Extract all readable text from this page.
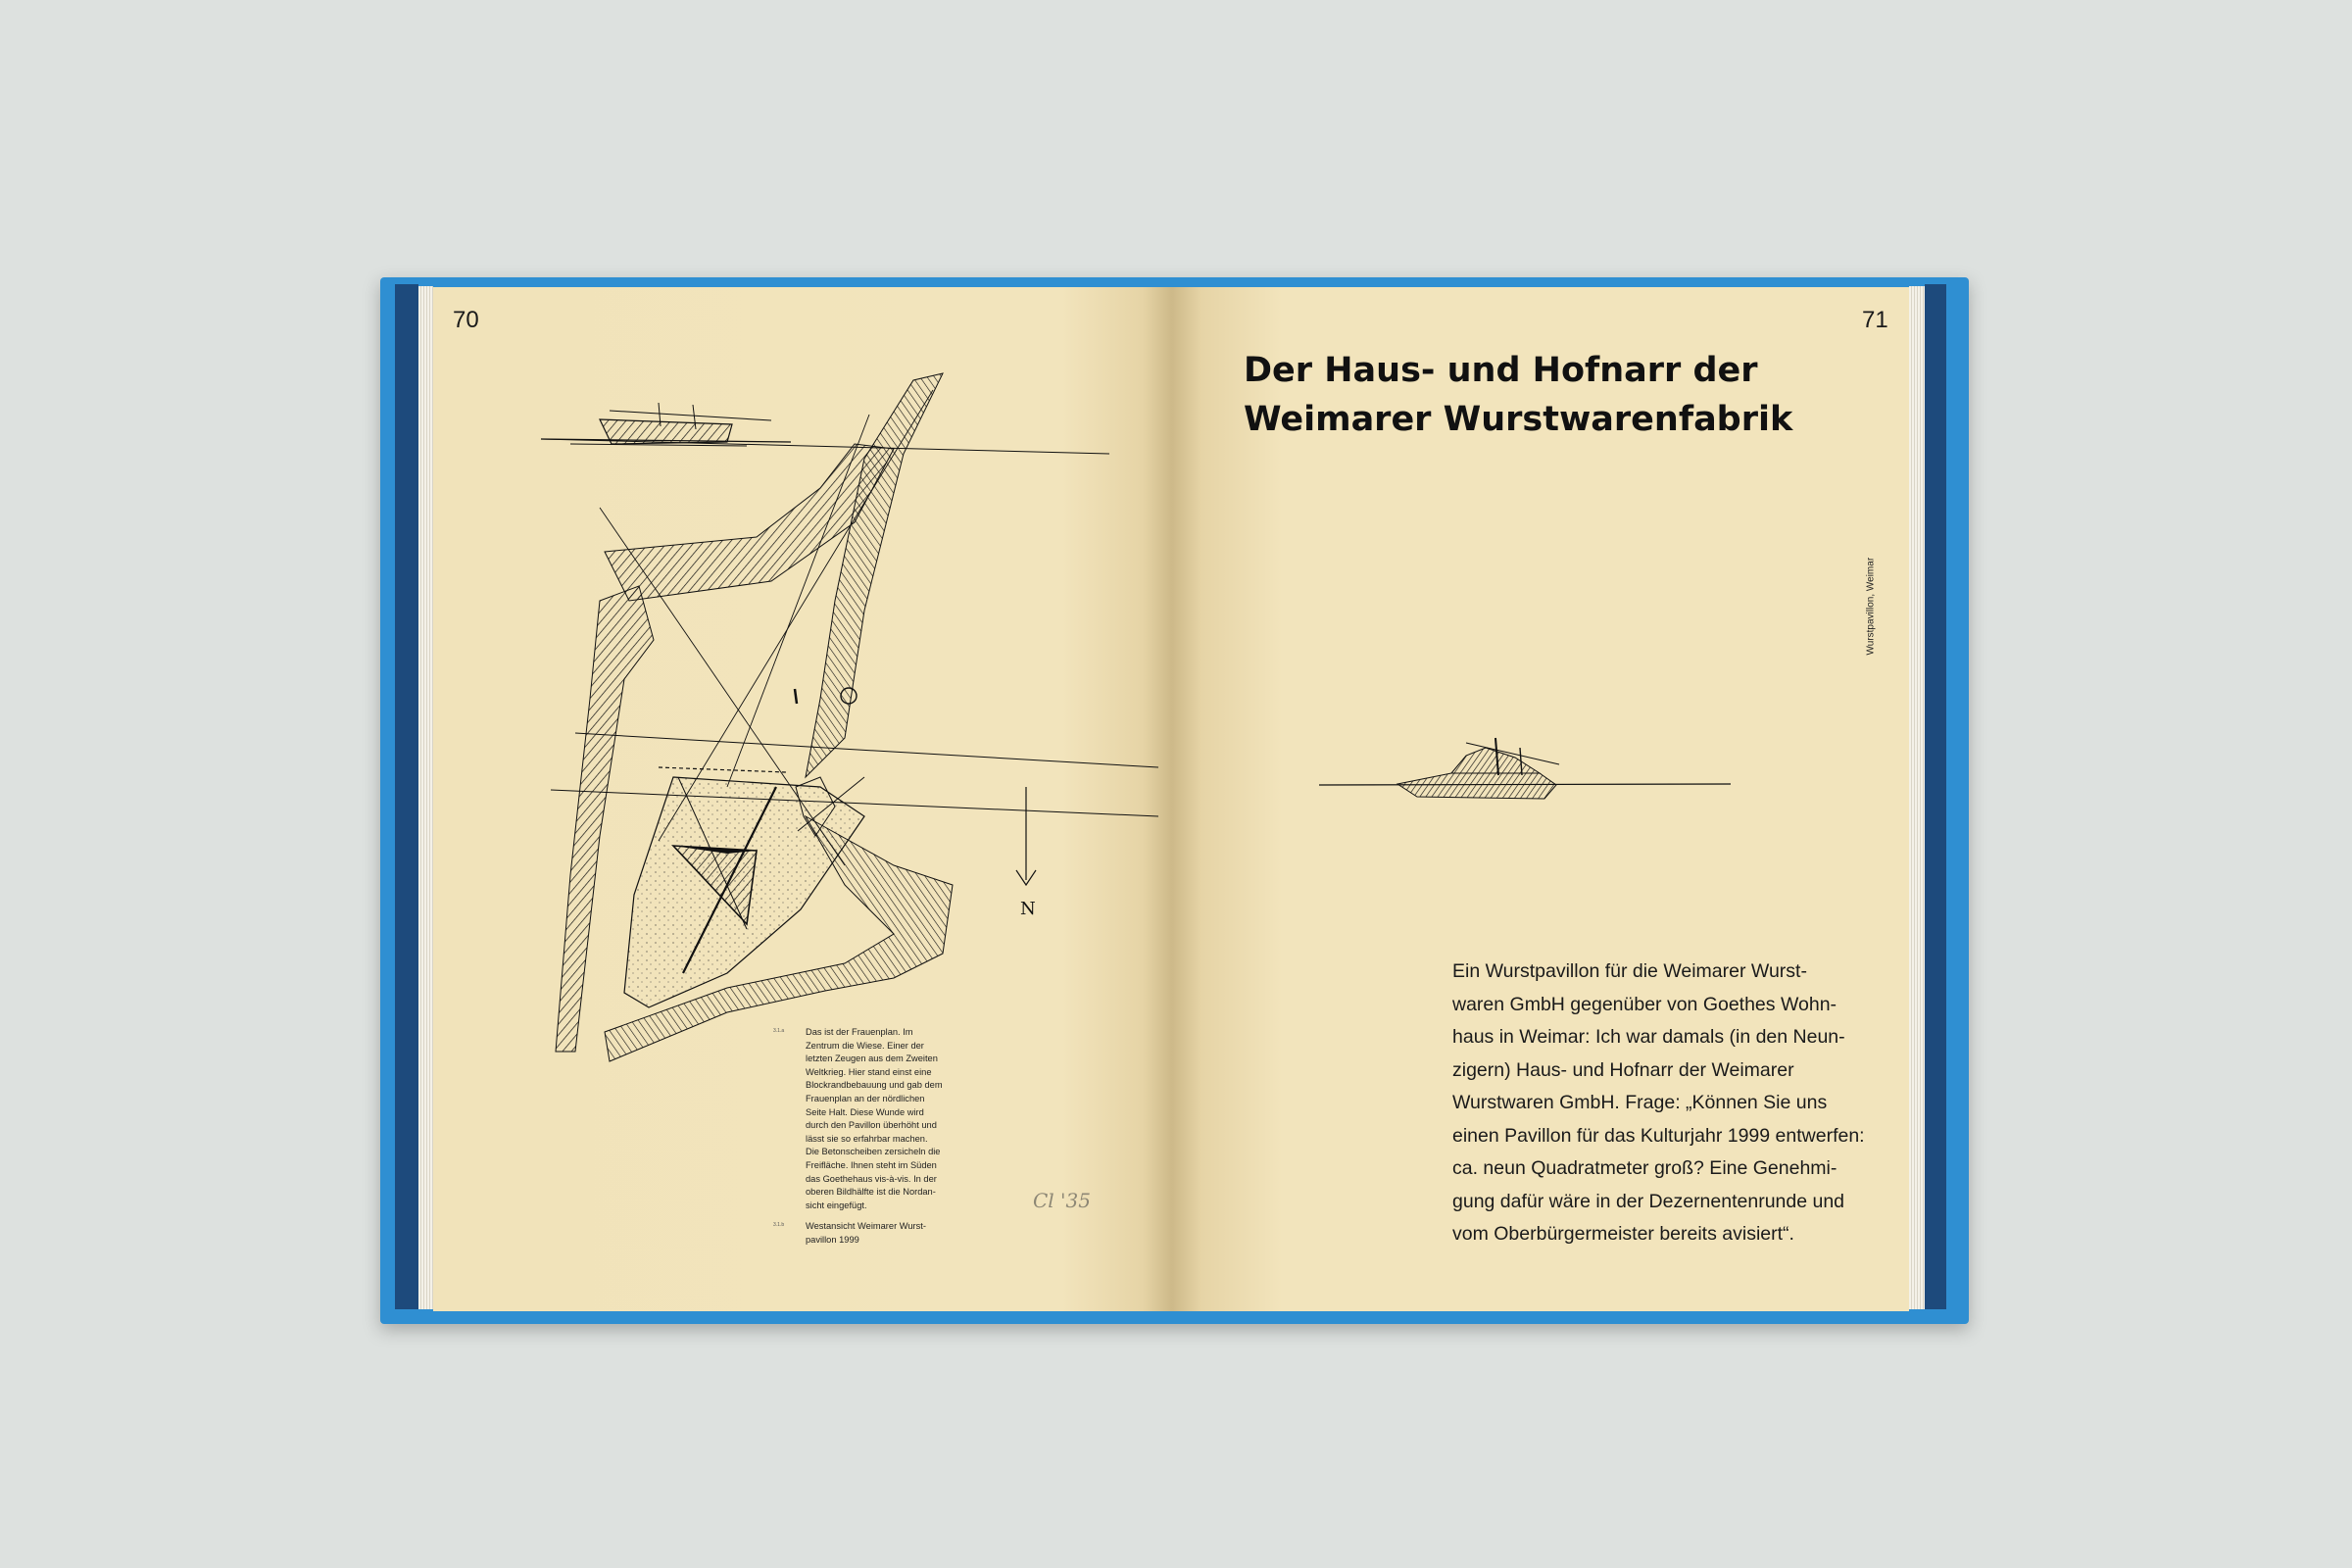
70
N
Cl '35
71
Der Haus- und Hofnarr der
Weimarer Wurstwarenfabrik
Wurstpavillon, Weimar
Ein Wurstpavillon für die Weimarer Wurst-
waren GmbH gegenüber von Goethes Wohn-
haus in Weimar: Ich war damals (in den Neun-
zigern) Haus- und Hofnarr der Weimarer
Wurstwaren GmbH. Frage: „Können Sie uns
einen Pavillon für das Kulturjahr 1999 entwerfen:
ca. neun Quadratmeter groß? Eine Genehmi-
gung dafür wäre in der Dezernentenrunde und
vom Oberbürgermeister bereits avisiert“.
3.1.a Das ist der Frauenplan. Im
Zentrum die Wiese. Einer der
letzten Zeugen aus dem Zweiten
Weltkrieg. Hier stand einst eine
Blockrandbebauung und gab dem
Frauenplan an der nördlichen
Seite Halt. Diese Wunde wird
durch den Pavillon überhöht und
lässt sie so erfahrbar machen.
Die Betonscheiben zersicheln die
Freifläche. Ihnen steht im Süden
das Goethehaus vis-à-vis. In der
oberen Bildhälfte ist die Nordan-
sicht eingefügt.
3.1.b Westansicht Weimarer Wurst-
pavillon 1999
